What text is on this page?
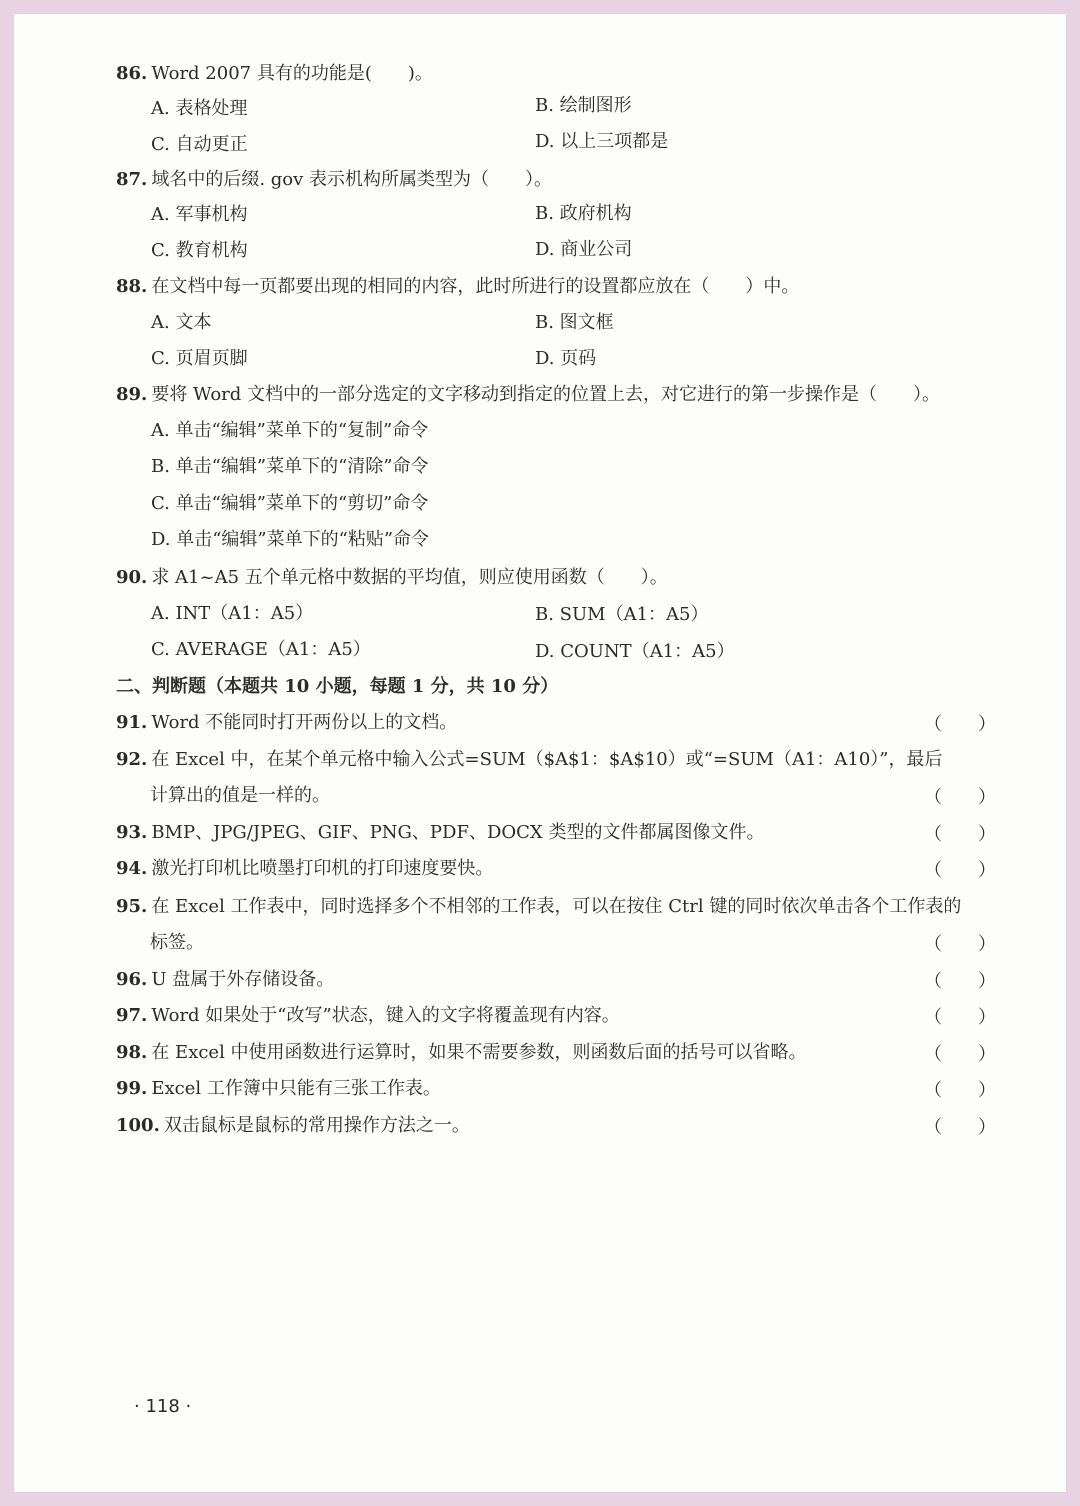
86. Word 2007 具有的功能是(　　)。
A. 表格处理	B. 绘制图形
C. 自动更正	D. 以上三项都是
87. 域名中的后缀. gov 表示机构所属类型为（　　）。
A. 军事机构	B. 政府机构
C. 教育机构	D. 商业公司
88. 在文档中每一页都要出现的相同的内容，此时所进行的设置都应放在（　　）中。
A. 文本	B. 图文框
C. 页眉页脚	D. 页码
89. 要将 Word 文档中的一部分选定的文字移动到指定的位置上去，对它进行的第一步操作是（　　）。
A. 单击“编辑”菜单下的“复制”命令
B. 单击“编辑”菜单下的“清除”命令
C. 单击“编辑”菜单下的“剪切”命令
D. 单击“编辑”菜单下的“粘贴”命令
90. 求 A1~A5 五个单元格中数据的平均值，则应使用函数（　　）。
A. INT（A1：A5）	B. SUM（A1：A5）
C. AVERAGE（A1：A5）	D. COUNT（A1：A5）
二、判断题（本题共 10 小题，每题 1 分，共 10 分）
91. Word 不能同时打开两份以上的文档。	（　　）
92. 在 Excel 中，在某个单元格中输入公式=SUM（$A$1：$A$10）或“=SUM（A1：A10）”，最后
计算出的值是一样的。	（　　）
93. BMP、JPG/JPEG、GIF、PNG、PDF、DOCX 类型的文件都属图像文件。	（　　）
94. 激光打印机比喷墨打印机的打印速度要快。	（　　）
95. 在 Excel 工作表中，同时选择多个不相邻的工作表，可以在按住 Ctrl 键的同时依次单击各个工作表的
标签。	（　　）
96. U 盘属于外存储设备。	（　　）
97. Word 如果处于“改写”状态，键入的文字将覆盖现有内容。	（　　）
98. 在 Excel 中使用函数进行运算时，如果不需要参数，则函数后面的括号可以省略。	（　　）
99. Excel 工作簿中只能有三张工作表。	（　　）
100. 双击鼠标是鼠标的常用操作方法之一。	（　　）
· 118 ·
